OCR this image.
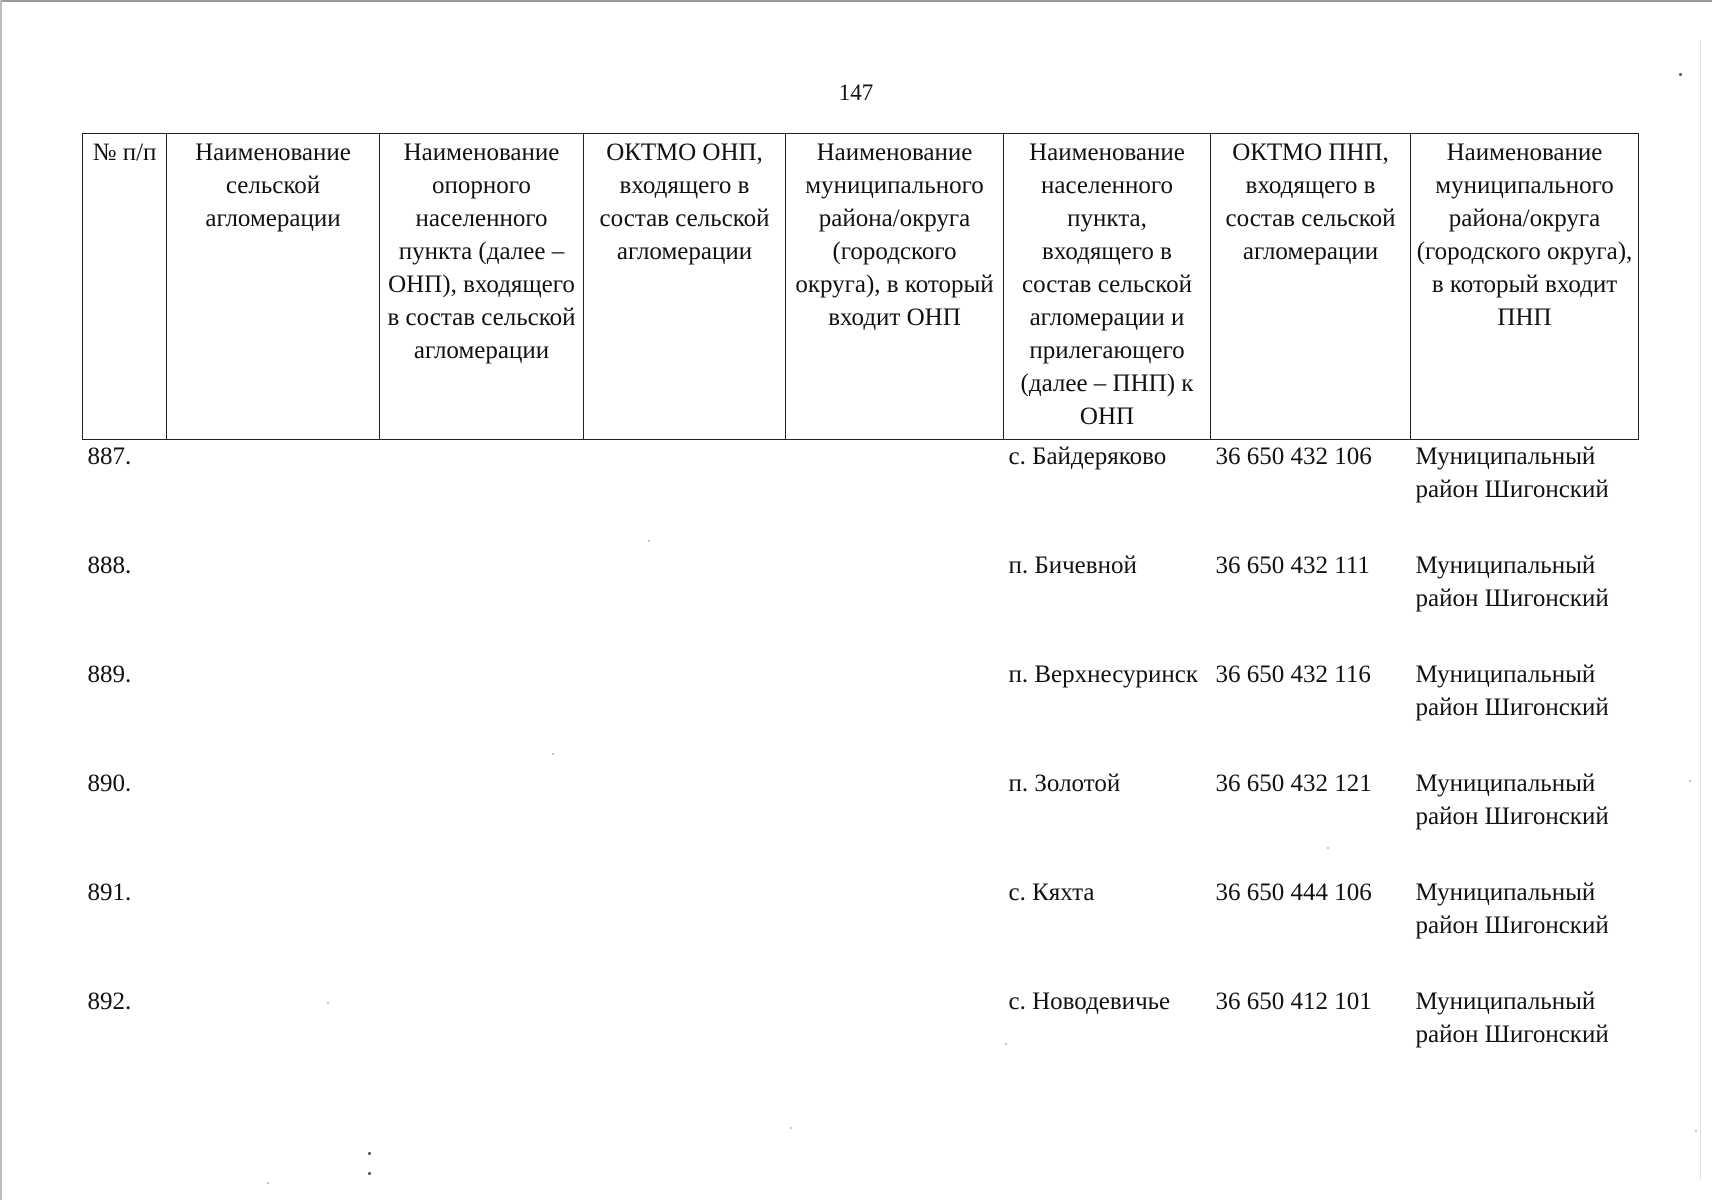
147
№ п/п	Наименование сельской агломерации	Наименование опорного населенного пункта (далее – ОНП), входящего в состав сельской агломерации	ОКТМО ОНП, входящего в состав сельской агломерации	Наименование муниципального района/округа (городского округа), в который входит ОНП	Наименование населенного пункта, входящего в состав сельской агломерации и прилегающего (далее – ПНП) к ОНП	ОКТМО ПНП, входящего в состав сельской агломерации	Наименование муниципального района/округа (городского округа), в который входит ПНП
887.					с. Байдеряково	36 650 432 106	Муниципальный район Шигонский
888.					п. Бичевной	36 650 432 111	Муниципальный район Шигонский
889.					п. Верхнесуринск	36 650 432 116	Муниципальный район Шигонский
890.					п. Золотой	36 650 432 121	Муниципальный район Шигонский
891.					с. Кяхта	36 650 444 106	Муниципальный район Шигонский
892.					с. Новодевичье	36 650 412 101	Муниципальный район Шигонский
